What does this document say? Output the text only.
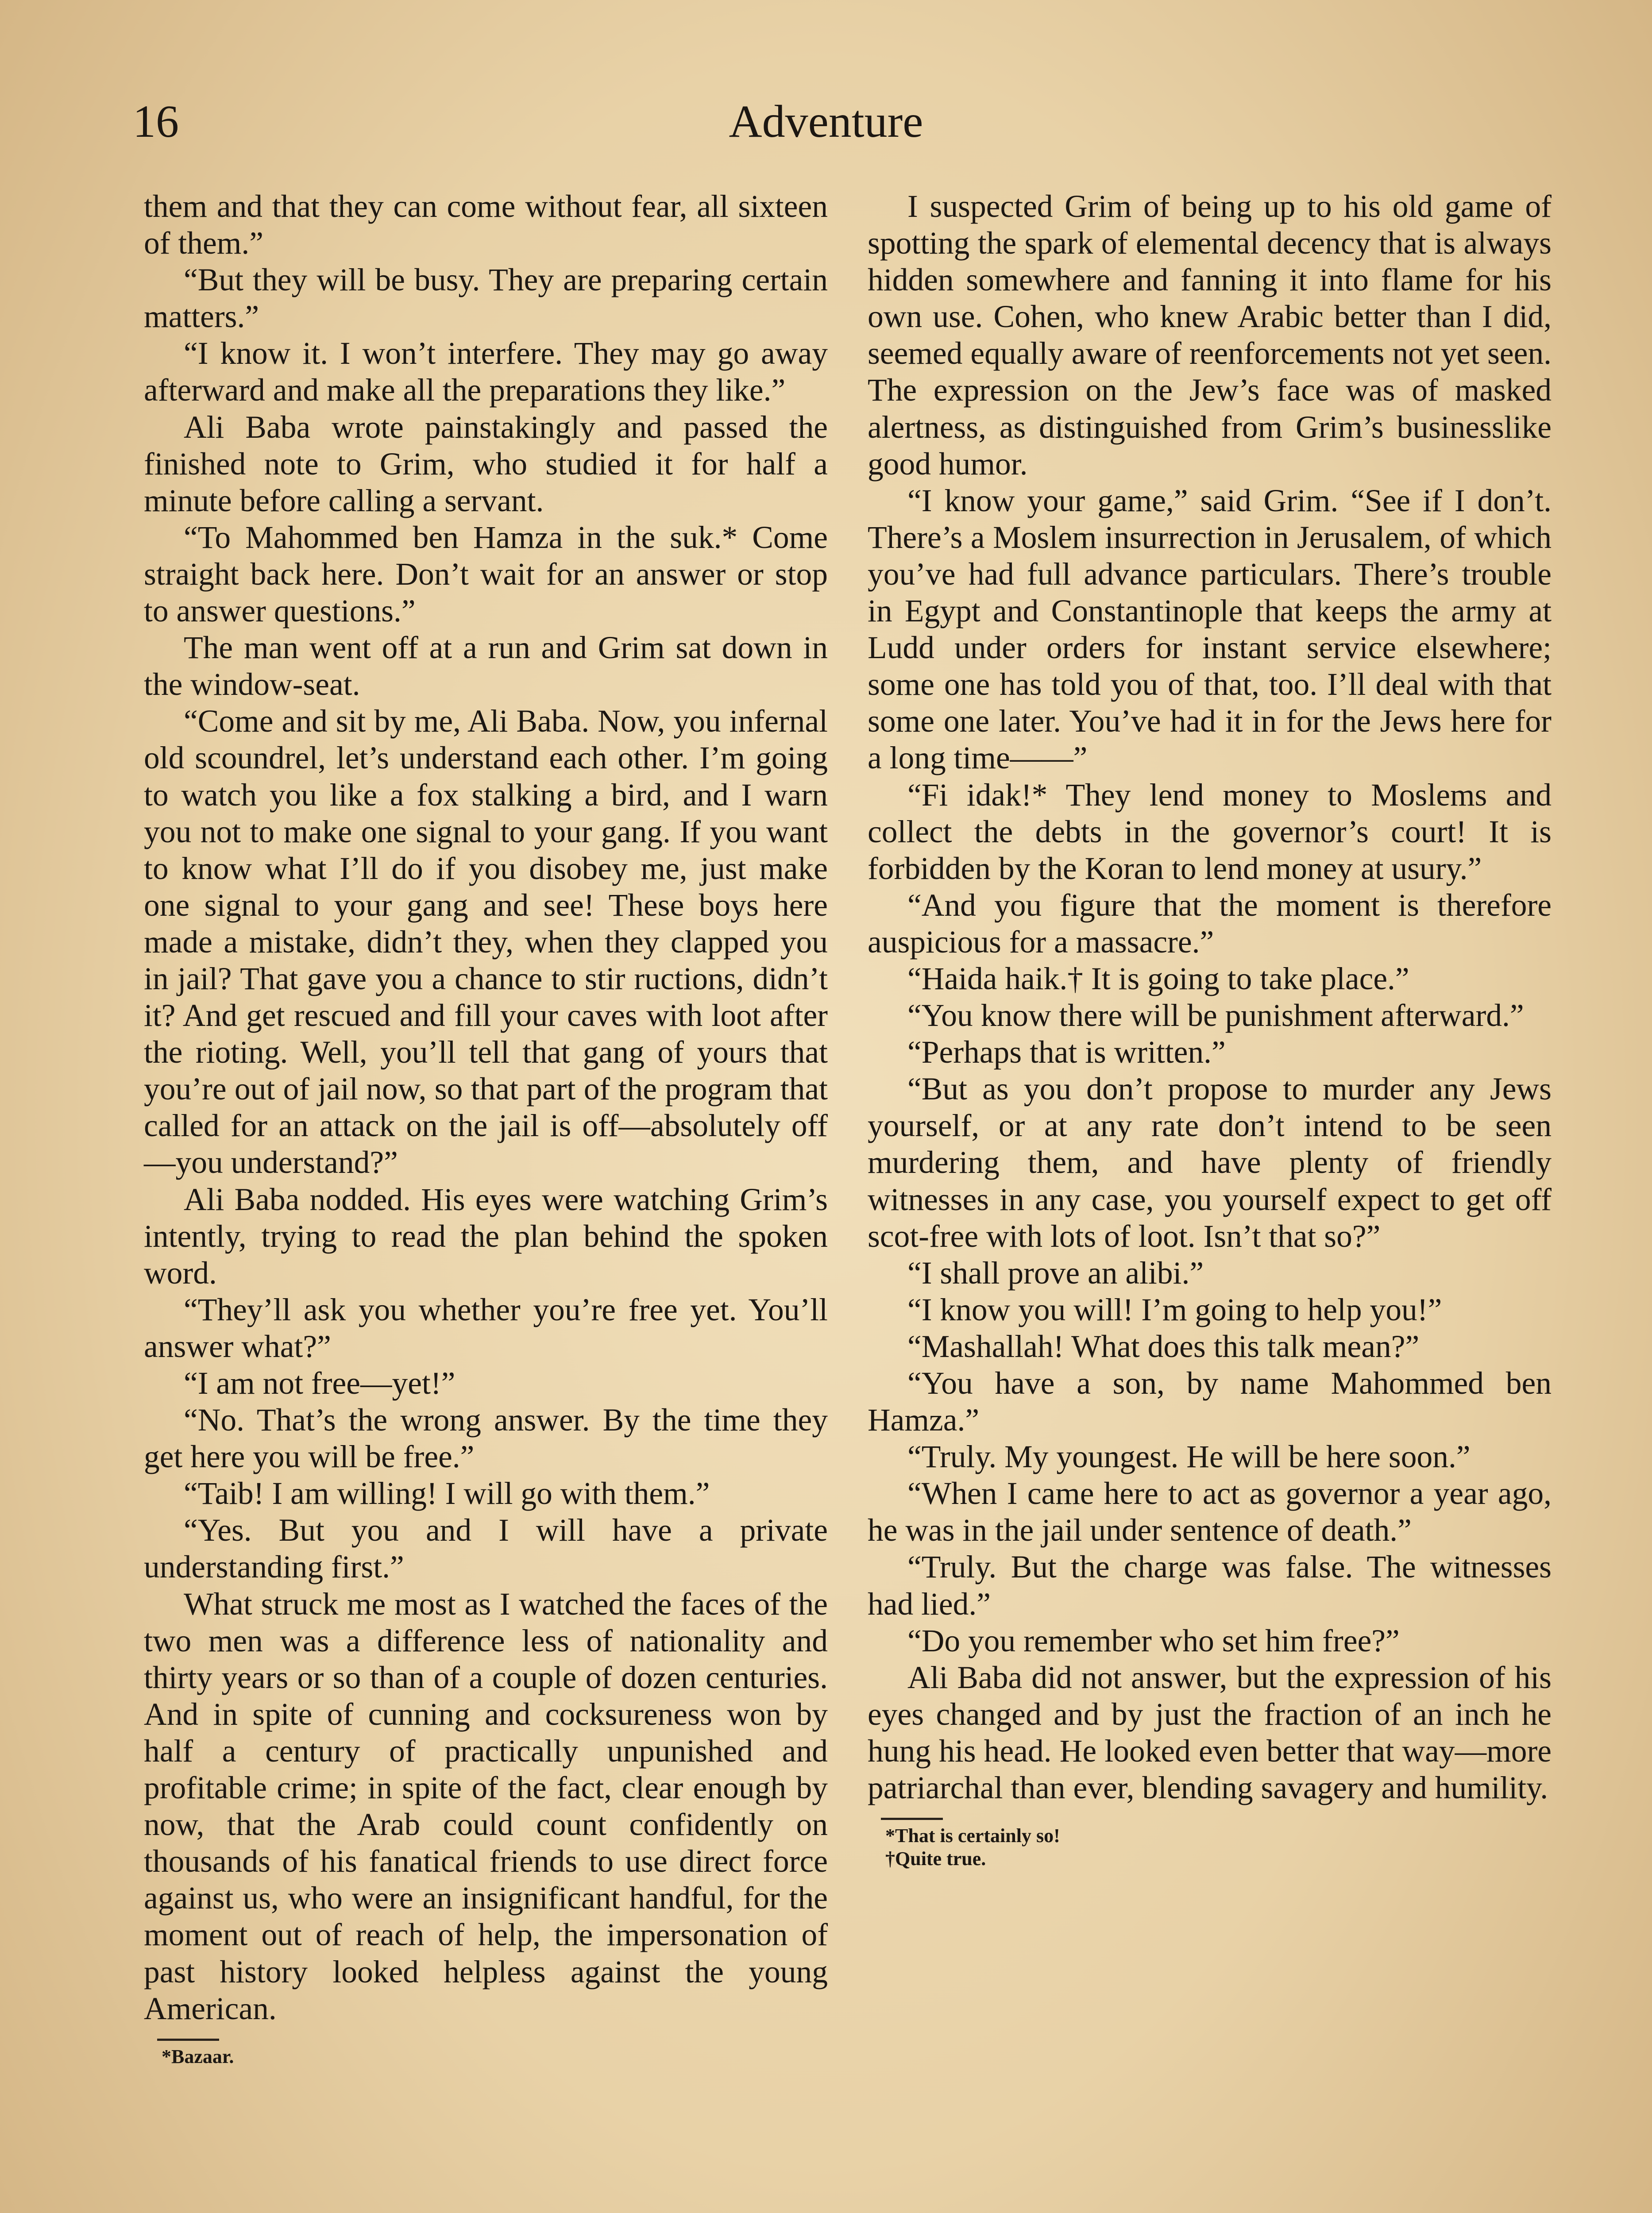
16	Adventure

them and that they can come without fear, all sixteen of them.”

“But they will be busy. They are preparing certain matters.”

“I know it. I won’t interfere. They may go away afterward and make all the preparations they like.”

Ali Baba wrote painstakingly and passed the finished note to Grim, who studied it for half a minute before calling a servant.

“To Mahommed ben Hamza in the suk.* Come straight back here. Don’t wait for an answer or stop to answer questions.”

The man went off at a run and Grim sat down in the window-seat.

“Come and sit by me, Ali Baba. Now, you infernal old scoundrel, let’s understand each other. I’m going to watch you like a fox stalking a bird, and I warn you not to make one signal to your gang. If you want to know what I’ll do if you disobey me, just make one signal to your gang and see! These boys here made a mistake, didn’t they, when they clapped you in jail? That gave you a chance to stir ructions, didn’t it? And get rescued and fill your caves with loot after the rioting. Well, you’ll tell that gang of yours that you’re out of jail now, so that part of the program that called for an attack on the jail is off—absolutely off—you understand?”

Ali Baba nodded. His eyes were watching Grim’s intently, trying to read the plan behind the spoken word.

“They’ll ask you whether you’re free yet. You’ll answer what?”

“I am not free—yet!”

“No. That’s the wrong answer. By the time they get here you will be free.”

“Taib! I am willing! I will go with them.”

“Yes. But you and I will have a private understanding first.”

What struck me most as I watched the faces of the two men was a difference less of nationality and thirty years or so than of a couple of dozen centuries. And in spite of cunning and cocksureness won by half a century of practically unpunished and profitable crime; in spite of the fact, clear enough by now, that the Arab could count confidently on thousands of his fanatical friends to use direct force against us, who were an insignificant handful, for the moment out of reach of help, the impersonation of past history looked helpless against the young American.

*Bazaar.

I suspected Grim of being up to his old game of spotting the spark of elemental decency that is always hidden somewhere and fanning it into flame for his own use. Cohen, who knew Arabic better than I did, seemed equally aware of reenforcements not yet seen. The expression on the Jew’s face was of masked alertness, as distinguished from Grim’s businesslike good humor.

“I know your game,” said Grim. “See if I don’t. There’s a Moslem insurrection in Jerusalem, of which you’ve had full advance particulars. There’s trouble in Egypt and Constantinople that keeps the army at Ludd under orders for instant service elsewhere; some one has told you of that, too. I’ll deal with that some one later. You’ve had it in for the Jews here for a long time——”

“Fi idak!* They lend money to Moslems and collect the debts in the governor’s court! It is forbidden by the Koran to lend money at usury.”

“And you figure that the moment is therefore auspicious for a massacre.”

“Haida haik.† It is going to take place.”

“You know there will be punishment afterward.”

“Perhaps that is written.”

“But as you don’t propose to murder any Jews yourself, or at any rate don’t intend to be seen murdering them, and have plenty of friendly witnesses in any case, you yourself expect to get off scot-free with lots of loot. Isn’t that so?”

“I shall prove an alibi.”

“I know you will! I’m going to help you!”

“Mashallah! What does this talk mean?”

“You have a son, by name Mahommed ben Hamza.”

“Truly. My youngest. He will be here soon.”

“When I came here to act as governor a year ago, he was in the jail under sentence of death.”

“Truly. But the charge was false. The witnesses had lied.”

“Do you remember who set him free?”

Ali Baba did not answer, but the expression of his eyes changed and by just the fraction of an inch he hung his head. He looked even better that way—more patriarchal than ever, blending savagery and humility.

*That is certainly so!

†Quite true.
